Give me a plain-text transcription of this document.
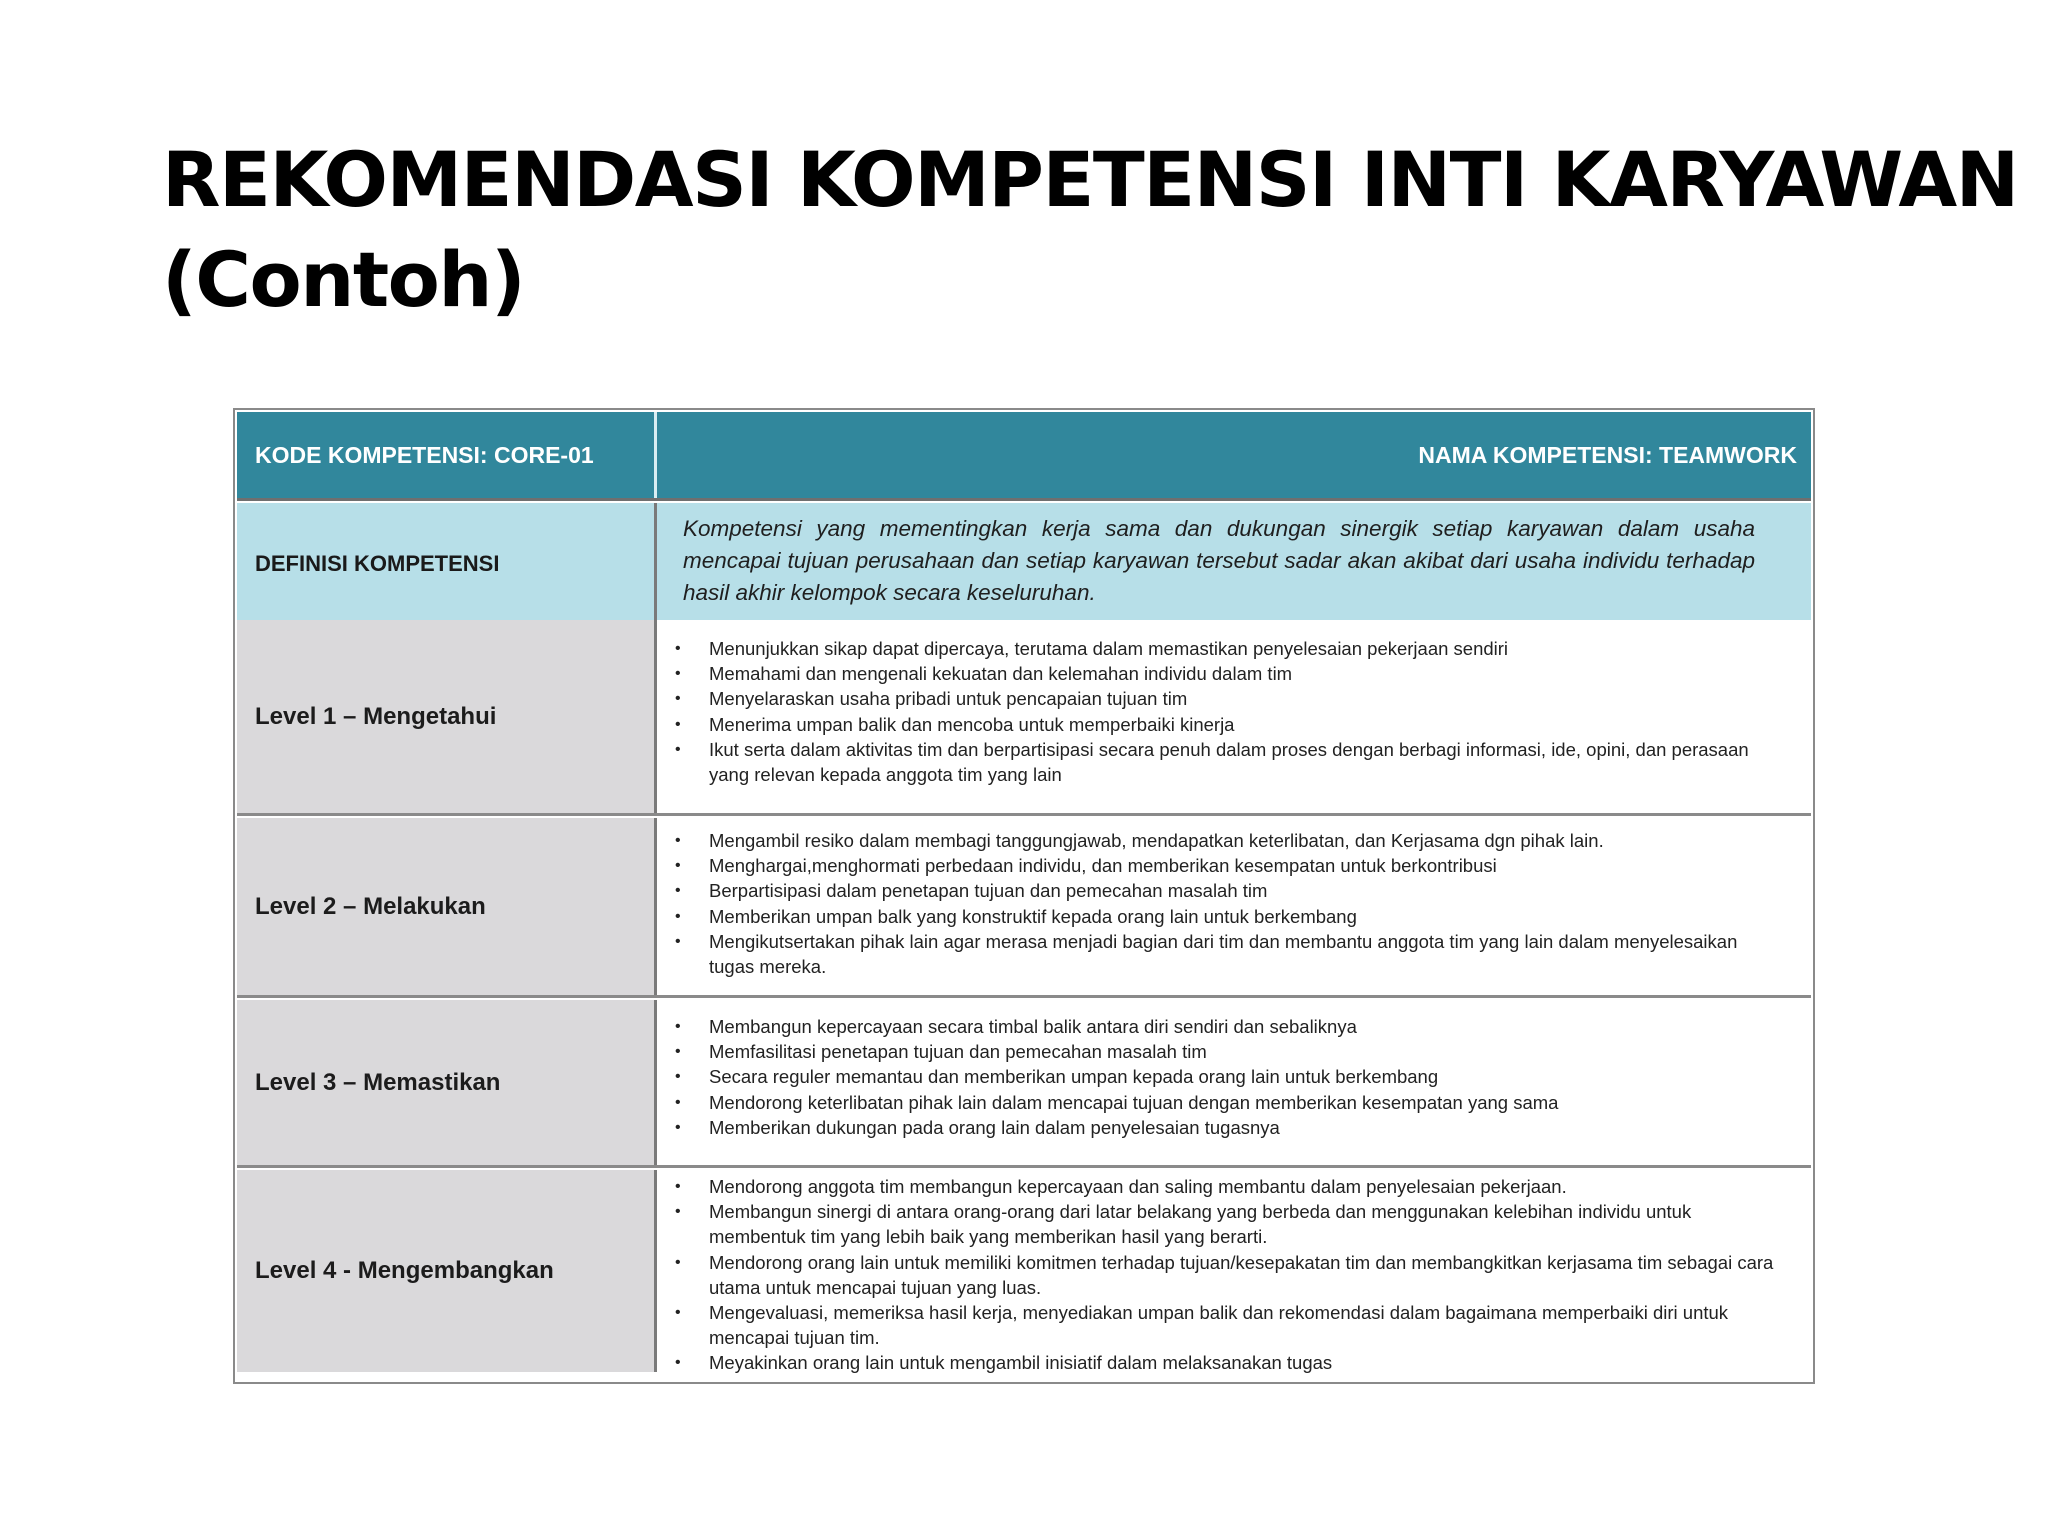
REKOMENDASI KOMPETENSI INTI KARYAWAN
(Contoh)
KODE KOMPETENSI: CORE-01	NAMA KOMPETENSI: TEAMWORK
DEFINISI KOMPETENSI

Kompetensi yang mementingkan kerja sama dan dukungan sinergik setiap karyawan dalam usaha mencapai tujuan perusahaan dan setiap karyawan tersebut sadar akan akibat dari usaha individu terhadap hasil akhir kelompok secara keseluruhan.

Level 1 – Mengetahui
• Menunjukkan sikap dapat dipercaya, terutama dalam memastikan penyelesaian pekerjaan sendiri
• Memahami dan mengenali kekuatan dan kelemahan individu dalam tim
• Menyelaraskan usaha pribadi untuk pencapaian tujuan tim
• Menerima umpan balik dan mencoba untuk memperbaiki kinerja
• Ikut serta dalam aktivitas tim dan berpartisipasi secara penuh dalam proses dengan berbagi informasi, ide, opini, dan perasaan yang relevan kepada anggota tim yang lain
Level 2 – Melakukan
• Mengambil resiko dalam membagi tanggungjawab, mendapatkan keterlibatan, dan Kerjasama dgn pihak lain.
• Menghargai,menghormati perbedaan individu, dan memberikan kesempatan untuk berkontribusi
• Berpartisipasi dalam penetapan tujuan dan pemecahan masalah tim
• Memberikan umpan balk yang konstruktif kepada orang lain untuk berkembang
• Mengikutsertakan pihak lain agar merasa menjadi bagian dari tim dan membantu anggota tim yang lain dalam menyelesaikan tugas mereka.
Level 3 – Memastikan
• Membangun kepercayaan secara timbal balik antara diri sendiri dan sebaliknya
• Memfasilitasi penetapan tujuan dan pemecahan masalah tim
• Secara reguler memantau dan memberikan umpan kepada orang lain untuk berkembang
• Mendorong keterlibatan pihak lain dalam mencapai tujuan dengan memberikan kesempatan yang sama
• Memberikan dukungan pada orang lain dalam penyelesaian tugasnya
Level 4 - Mengembangkan
• Mendorong anggota tim membangun kepercayaan dan saling membantu dalam penyelesaian pekerjaan.
• Membangun sinergi di antara orang-orang dari latar belakang yang berbeda dan menggunakan kelebihan individu untuk membentuk tim yang lebih baik yang memberikan hasil yang berarti.
• Mendorong orang lain untuk memiliki komitmen terhadap tujuan/kesepakatan tim dan membangkitkan kerjasama tim sebagai cara utama untuk mencapai tujuan yang luas.
• Mengevaluasi, memeriksa hasil kerja, menyediakan umpan balik dan rekomendasi dalam bagaimana memperbaiki diri untuk mencapai tujuan tim.
• Meyakinkan orang lain untuk mengambil inisiatif dalam melaksanakan tugas
